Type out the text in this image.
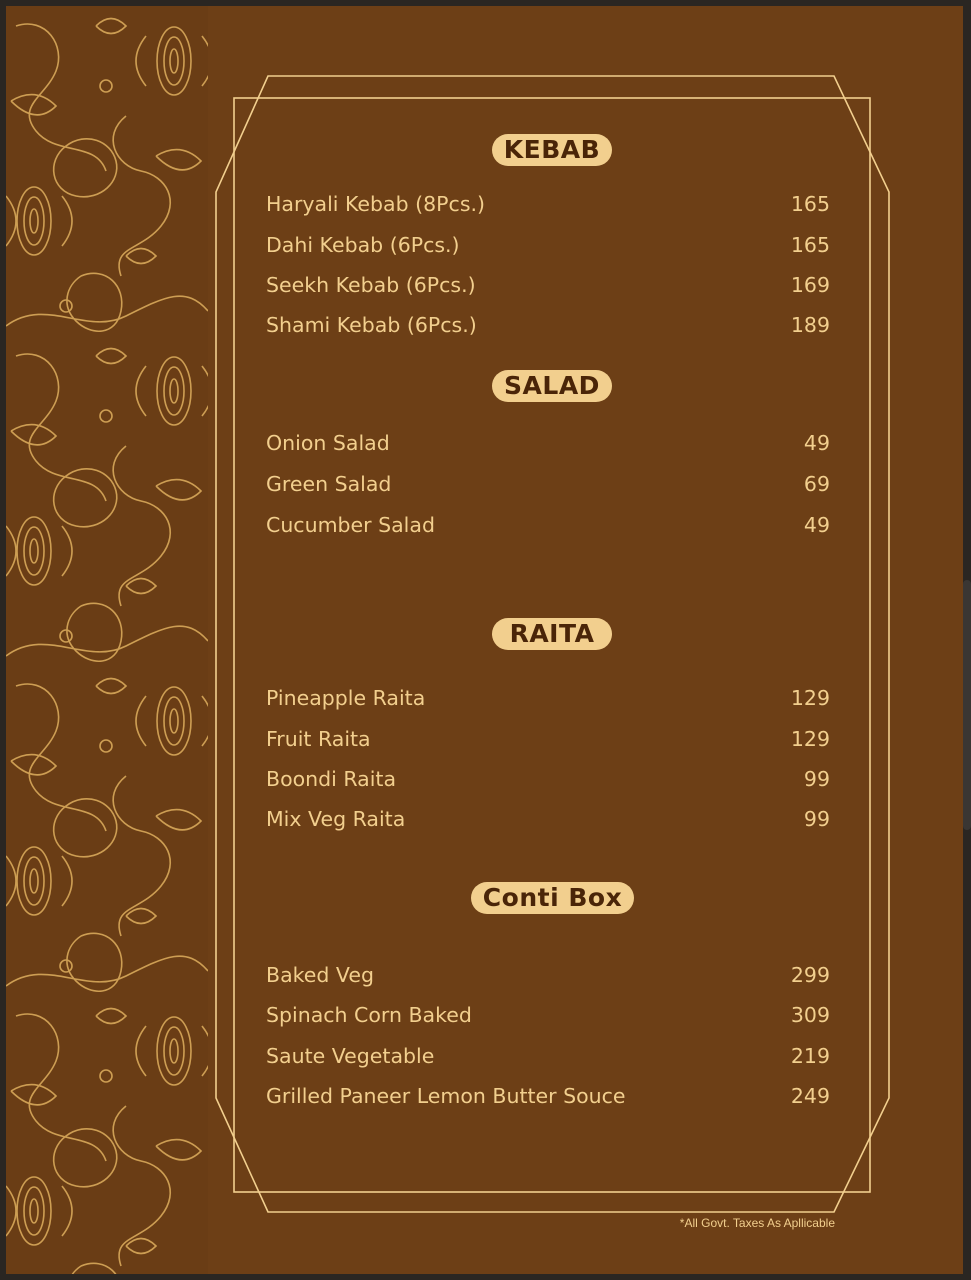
KEBAB
Haryali Kebab (8Pcs.)	165
Dahi Kebab (6Pcs.)	165
Seekh Kebab (6Pcs.)	169
Shami Kebab (6Pcs.)	189
SALAD
Onion Salad	49
Green Salad	69
Cucumber Salad	49
RAITA
Pineapple Raita	129
Fruit Raita	129
Boondi Raita	99
Mix Veg Raita	99
Conti Box
Baked Veg	299
Spinach Corn Baked	309
Saute Vegetable	219
Grilled Paneer Lemon Butter Souce	249
*All Govt. Taxes As Apllicable
